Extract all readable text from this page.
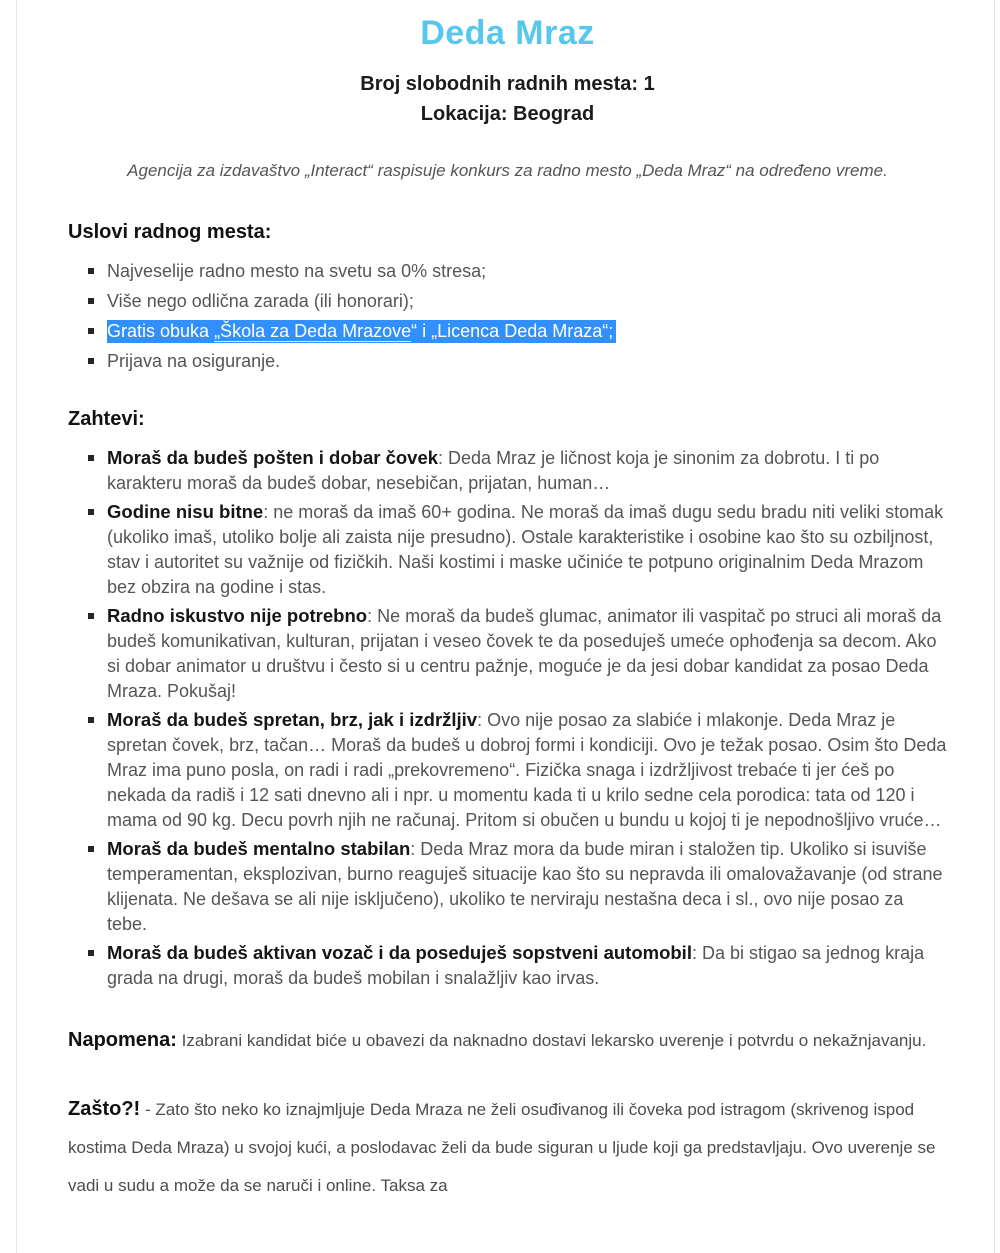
Deda Mraz
Broj slobodnih radnih mesta: 1
Lokacija: Beograd

Agencija za izdavaštvo „Interact“ raspisuje konkurs za radno mesto „Deda Mraz“ na određeno vreme.

Uslovi radnog mesta:
Najveselije radno mesto na svetu sa 0% stresa;
Više nego odlična zarada (ili honorari);
Gratis obuka „Škola za Deda Mrazove“ i „Licenca Deda Mraza“;
Prijava na osiguranje.
Zahtevi:
Moraš da budeš pošten i dobar čovek: Deda Mraz je ličnost koja je sinonim za dobrotu. I ti po karakteru moraš da budeš dobar, nesebičan, prijatan, human…
Godine nisu bitne: ne moraš da imaš 60+ godina. Ne moraš da imaš dugu sedu bradu niti veliki stomak (ukoliko imaš, utoliko bolje ali zaista nije presudno). Ostale karakteristike i osobine kao što su ozbiljnost, stav i autoritet su važnije od fizičkih. Naši kostimi i maske učiniće te potpuno originalnim Deda Mrazom bez obzira na godine i stas.
Radno iskustvo nije potrebno: Ne moraš da budeš glumac, animator ili vaspitač po struci ali moraš da budeš komunikativan, kulturan, prijatan i veseo čovek te da poseduješ umeće ophođenja sa decom. Ako si dobar animator u društvu i često si u centru pažnje, moguće je da jesi dobar kandidat za posao Deda Mraza. Pokušaj!
Moraš da budeš spretan, brz, jak i izdržljiv: Ovo nije posao za slabiće i mlakonje. Deda Mraz je spretan čovek, brz, tačan… Moraš da budeš u dobroj formi i kondiciji. Ovo je težak posao. Osim što Deda Mraz ima puno posla, on radi i radi „prekovremeno“. Fizička snaga i izdržljivost trebaće ti jer ćeš po nekada da radiš i 12 sati dnevno ali i npr. u momentu kada ti u krilo sedne cela porodica: tata od 120 i mama od 90 kg. Decu povrh njih ne računaj. Pritom si obučen u bundu u kojoj ti je nepodnošljivo vruće…
Moraš da budeš mentalno stabilan: Deda Mraz mora da bude miran i staložen tip. Ukoliko si isuviše temperamentan, eksplozivan, burno reaguješ situacije kao što su nepravda ili omalovažavanje (od strane klijenata. Ne dešava se ali nije isključeno), ukoliko te nerviraju nestašna deca i sl., ovo nije posao za tebe.
Moraš da budeš aktivan vozač i da poseduješ sopstveni automobil: Da bi stigao sa jednog kraja grada na drugi, moraš da budeš mobilan i snalažljiv kao irvas.

Napomena: Izabrani kandidat biće u obavezi da naknadno dostavi lekarsko uverenje i potvrdu o nekažnjavanju.

Zašto?! - Zato što neko ko iznajmljuje Deda Mraza ne želi osuđivanog ili čoveka pod istragom (skrivenog ispod kostima Deda Mraza) u svojoj kući, a poslodavac želi da bude siguran u ljude koji ga predstavljaju. Ovo uverenje se vadi u sudu a može da se naruči i online. Taksa za
